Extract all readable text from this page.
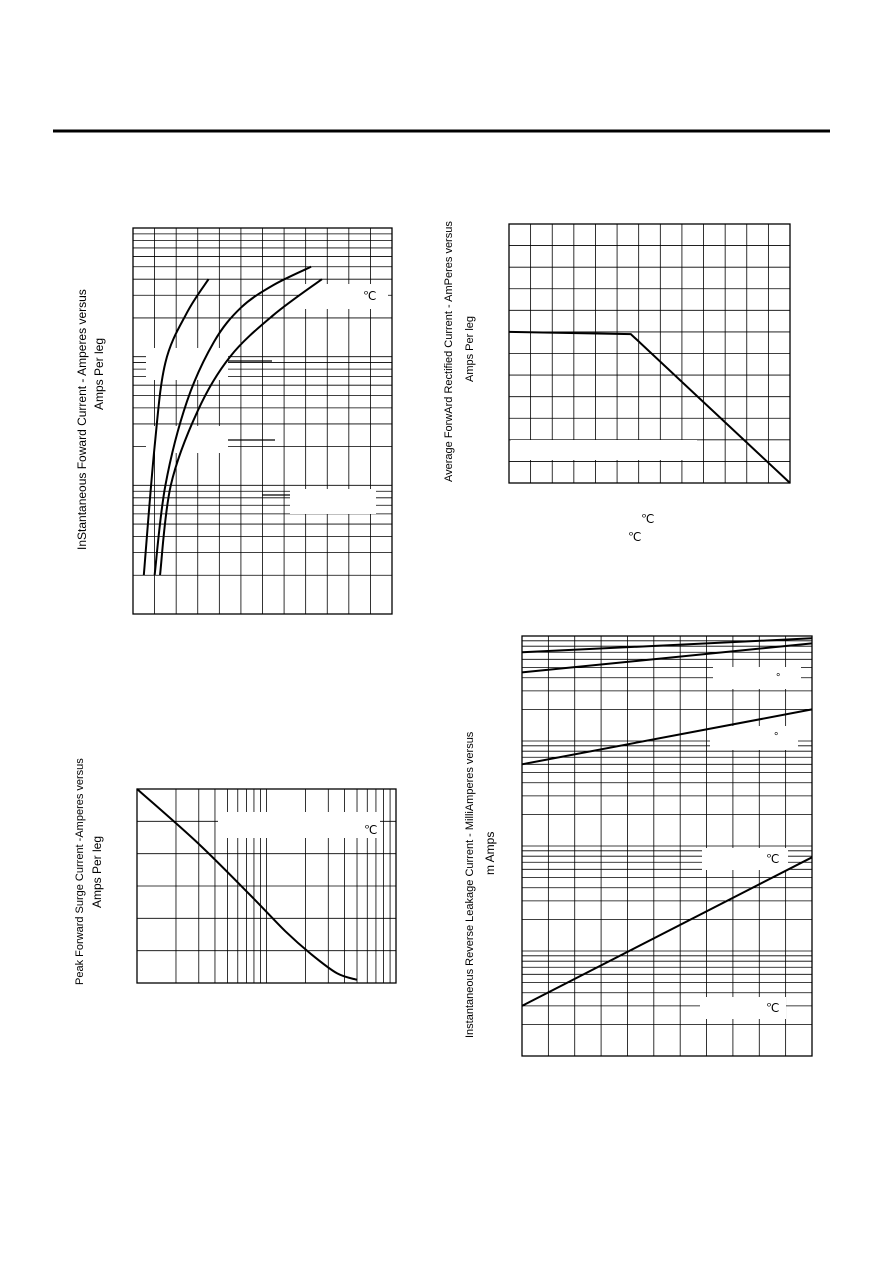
InStantaneous Foward Current - Amperes versus Amps Per leg
℃	Average ForwArd Rectified Current - AmPeres versus Amps Per leg
℃
℃
Peak Forward Surge Current -Amperes versus Amps Per leg
℃	Instantaneous Reverse Leakage Current - MilliAmperes versus m Amps
°
°
℃
℃
